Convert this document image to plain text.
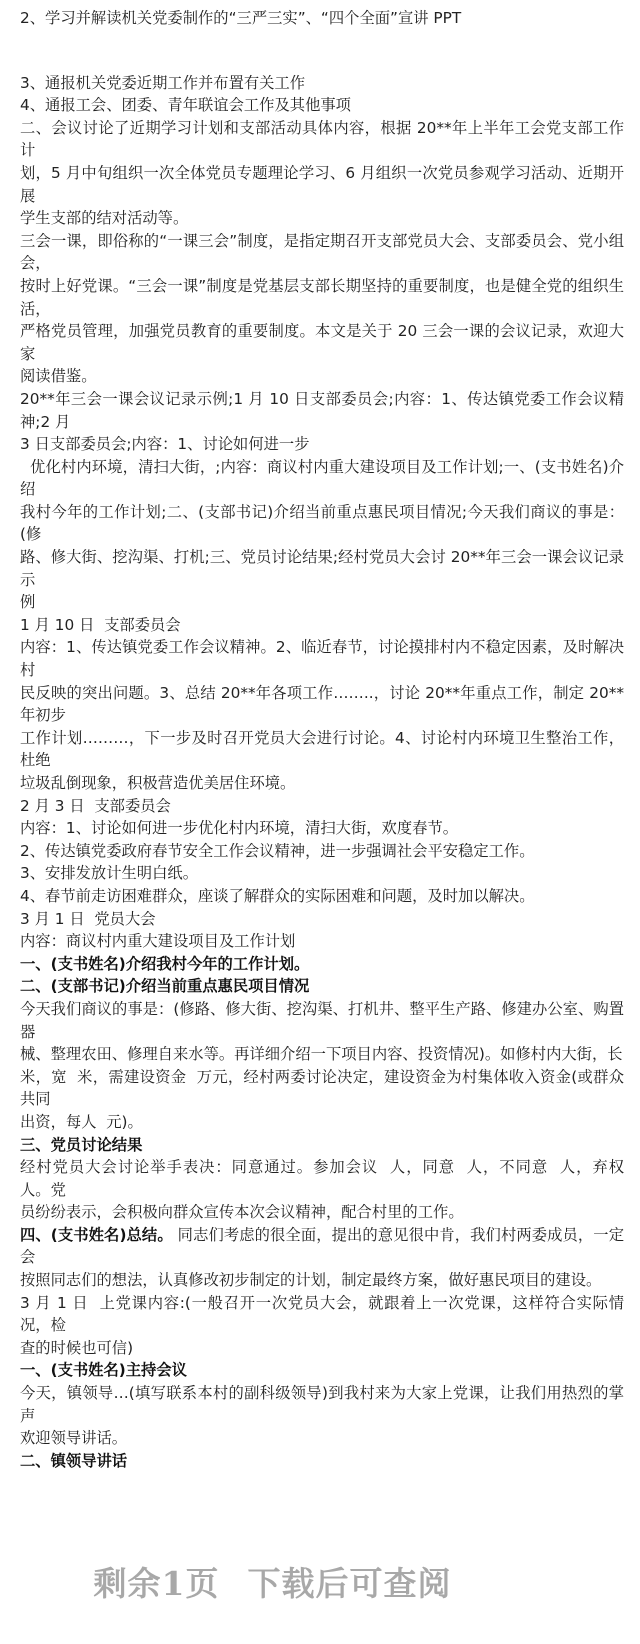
2、学习并解读机关党委制作的“三严三实”、“四个全面”宣讲 PPT
3、通报机关党委近期工作并布置有关工作
4、通报工会、团委、青年联谊会工作及其他事项
二、会议讨论了近期学习计划和支部活动具体内容，根据 20**年上半年工会党支部工作计
划，5 月中旬组织一次全体党员专题理论学习、6 月组织一次党员参观学习活动、近期开展
学生支部的结对活动等。
三会一课，即俗称的“一课三会”制度，是指定期召开支部党员大会、支部委员会、党小组会，
按时上好党课。“三会一课”制度是党基层支部长期坚持的重要制度，也是健全党的组织生活，
严格党员管理，加强党员教育的重要制度。本文是关于 20 三会一课的会议记录，欢迎大家
阅读借鉴。
20**年三会一课会议记录示例;1 月 10 日支部委员会;内容：1、传达镇党委工作会议精神;2 月
3 日支部委员会;内容：1、讨论如何进一步
优化村内环境，清扫大街，;内容：商议村内重大建设项目及工作计划;一、(支书姓名)介绍
我村今年的工作计划;二、(支部书记)介绍当前重点惠民项目情况;今天我们商议的事是：(修
路、修大街、挖沟渠、打机;三、党员讨论结果;经村党员大会讨 20**年三会一课会议记录示
例
1 月 10 日  支部委员会
内容：1、传达镇党委工作会议精神。2、临近春节，讨论摸排村内不稳定因素，及时解决村
民反映的突出问题。3、总结 20**年各项工作……..，讨论 20**年重点工作，制定 20**年初步
工作计划………，下一步及时召开党员大会进行讨论。4、讨论村内环境卫生整治工作，杜绝
垃圾乱倒现象，积极营造优美居住环境。
2 月 3 日  支部委员会
内容：1、讨论如何进一步优化村内环境，清扫大街，欢度春节。
2、传达镇党委政府春节安全工作会议精神，进一步强调社会平安稳定工作。
3、安排发放计生明白纸。
4、春节前走访困难群众，座谈了解群众的实际困难和问题，及时加以解决。
3 月 1 日  党员大会
内容：商议村内重大建设项目及工作计划
一、(支书姓名)介绍我村今年的工作计划。
二、(支部书记)介绍当前重点惠民项目情况
今天我们商议的事是：(修路、修大街、挖沟渠、打机井、整平生产路、修建办公室、购置器
械、整理农田、修理自来水等。再详细介绍一下项目内容、投资情况)。如修村内大街，长
米，宽  米，需建设资金  万元，经村两委讨论决定，建设资金为村集体收入资金(或群众共同
出资，每人  元)。
三、党员讨论结果
经村党员大会讨论举手表决：同意通过。参加会议  人，同意  人，不同意  人，弃权  人。党
员纷纷表示，会积极向群众宣传本次会议精神，配合村里的工作。
四、(支书姓名)总结。 同志们考虑的很全面，提出的意见很中肯，我们村两委成员，一定会
按照同志们的想法，认真修改初步制定的计划，制定最终方案，做好惠民项目的建设。
3 月 1 日  上党课内容:(一般召开一次党员大会，就跟着上一次党课，这样符合实际情况，检
查的时候也可信)
一、(支书姓名)主持会议
今天，镇领导…(填写联系本村的副科级领导)到我村来为大家上党课，让我们用热烈的掌声
欢迎领导讲话。
二、镇领导讲话
剩余1页 下载后可查阅
